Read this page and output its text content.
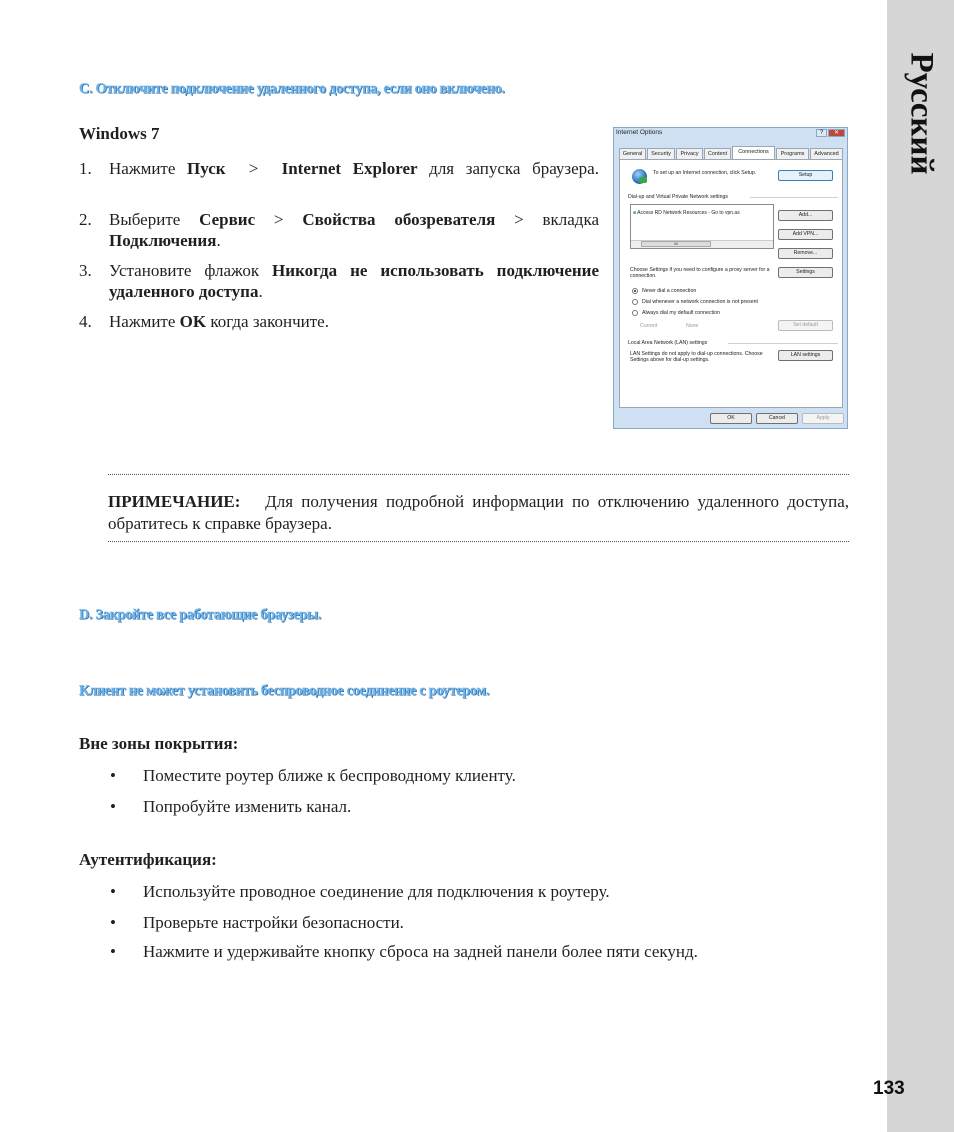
Русский
133
C. Отключите подключение удаленного доступа, если оно включено.
Windows 7
1. Нажмите Пуск  >  Internet Explorer для запуска браузера.
2. Выберите Сервис > Свойства обозревателя > вкладка Подключения.
3. Установите флажок Никогда не использовать подключение удаленного доступа.
4. Нажмите OK когда закончите.
Internet Options	?	✕
General	Security	Privacy	Content	Connections	Programs	Advanced
To set up an Internet connection, click Setup.	Setup
Dial-up and Virtual Private Network settings
■ Access RD Network Resources - Go to vpn.as
III
Add...
Add VPN...
Remove...
Choose Settings if you need to configure a proxy server for a connection.
Settings
Never dial a connection
Dial whenever a network connection is not present
Always dial my default connection
Current	None	Set default
Local Area Network (LAN) settings
LAN Settings do not apply to dial-up connections. Choose Settings above for dial-up settings.
LAN settings
OK	Cancel	Apply
ПРИМЕЧАНИЕ: Для получения подробной информации по отключению удаленного доступа, обратитесь к справке браузера.
D. Закройте все работающие браузеры.
Клиент не может установить беспроводное соединение с роутером.
Вне зоны покрытия:
• Поместите роутер ближе к беспроводному клиенту.
• Попробуйте изменить канал.
Аутентификация:
• Используйте проводное соединение для подключения к роутеру.
• Проверьте настройки безопасности.
• Нажмите и удерживайте кнопку сброса на задней панели более пяти секунд.
